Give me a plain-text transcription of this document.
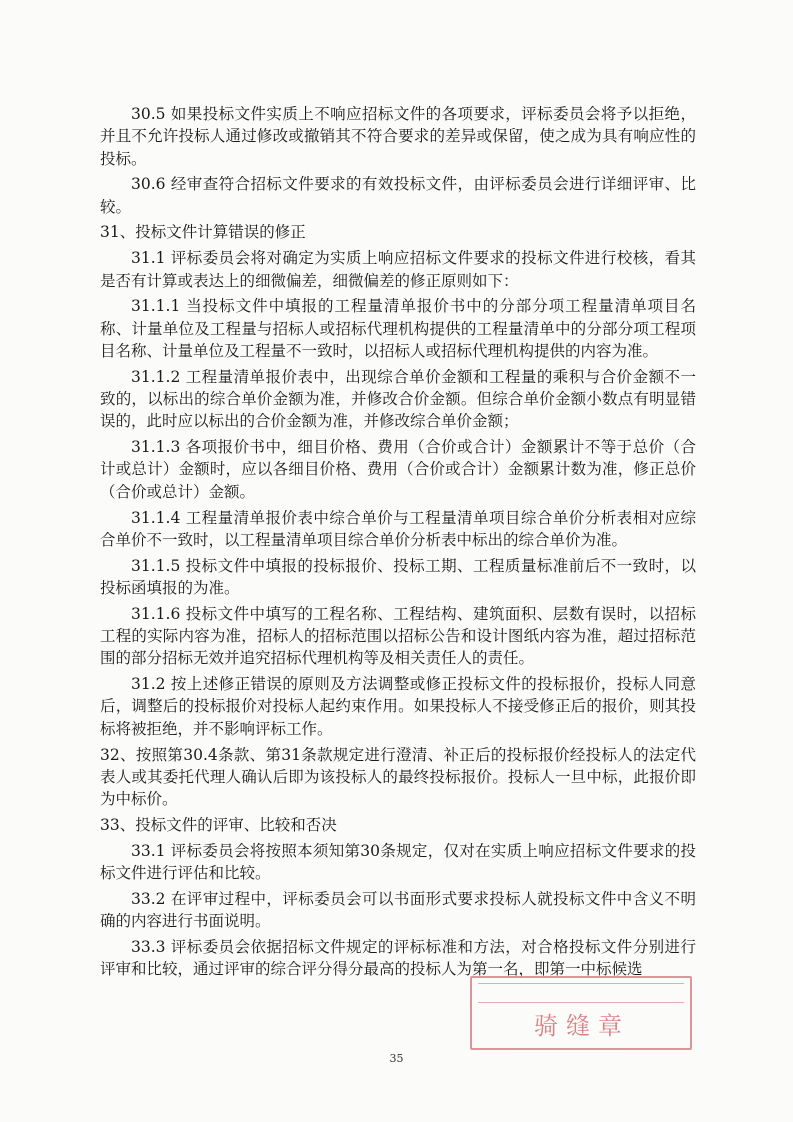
30.5 如果投标文件实质上不响应招标文件的各项要求，评标委员会将予以拒绝，并且不允许投标人通过修改或撤销其不符合要求的差异或保留，使之成为具有响应性的投标。

30.6 经审查符合招标文件要求的有效投标文件，由评标委员会进行详细评审、比较。

31、投标文件计算错误的修正

31.1 评标委员会将对确定为实质上响应招标文件要求的投标文件进行校核，看其是否有计算或表达上的细微偏差，细微偏差的修正原则如下：

31.1.1 当投标文件中填报的工程量清单报价书中的分部分项工程量清单项目名称、计量单位及工程量与招标人或招标代理机构提供的工程量清单中的分部分项工程项目名称、计量单位及工程量不一致时，以招标人或招标代理机构提供的内容为准。

31.1.2 工程量清单报价表中，出现综合单价金额和工程量的乘积与合价金额不一致的，以标出的综合单价金额为准，并修改合价金额。但综合单价金额小数点有明显错误的，此时应以标出的合价金额为准，并修改综合单价金额；

31.1.3 各项报价书中，细目价格、费用（合价或合计）金额累计不等于总价（合计或总计）金额时，应以各细目价格、费用（合价或合计）金额累计数为准，修正总价（合价或总计）金额。

31.1.4 工程量清单报价表中综合单价与工程量清单项目综合单价分析表相对应综合单价不一致时，以工程量清单项目综合单价分析表中标出的综合单价为准。

31.1.5 投标文件中填报的投标报价、投标工期、工程质量标准前后不一致时，以投标函填报的为准。

31.1.6 投标文件中填写的工程名称、工程结构、建筑面积、层数有误时，以招标工程的实际内容为准，招标人的招标范围以招标公告和设计图纸内容为准，超过招标范围的部分招标无效并追究招标代理机构等及相关责任人的责任。

31.2 按上述修正错误的原则及方法调整或修正投标文件的投标报价，投标人同意后，调整后的投标报价对投标人起约束作用。如果投标人不接受修正后的报价，则其投标将被拒绝，并不影响评标工作。

32、按照第30.4条款、第31条款规定进行澄清、补正后的投标报价经投标人的法定代表人或其委托代理人确认后即为该投标人的最终投标报价。投标人一旦中标，此报价即为中标价。

33、投标文件的评审、比较和否决

33.1 评标委员会将按照本须知第30条规定，仅对在实质上响应招标文件要求的投标文件进行评估和比较。

33.2 在评审过程中，评标委员会可以书面形式要求投标人就投标文件中含义不明确的内容进行书面说明。

33.3 评标委员会依据招标文件规定的评标标准和方法，对合格投标文件分别进行评审和比较，通过评审的综合评分得分最高的投标人为第一名，即第一中标候选

骑缝章
35
